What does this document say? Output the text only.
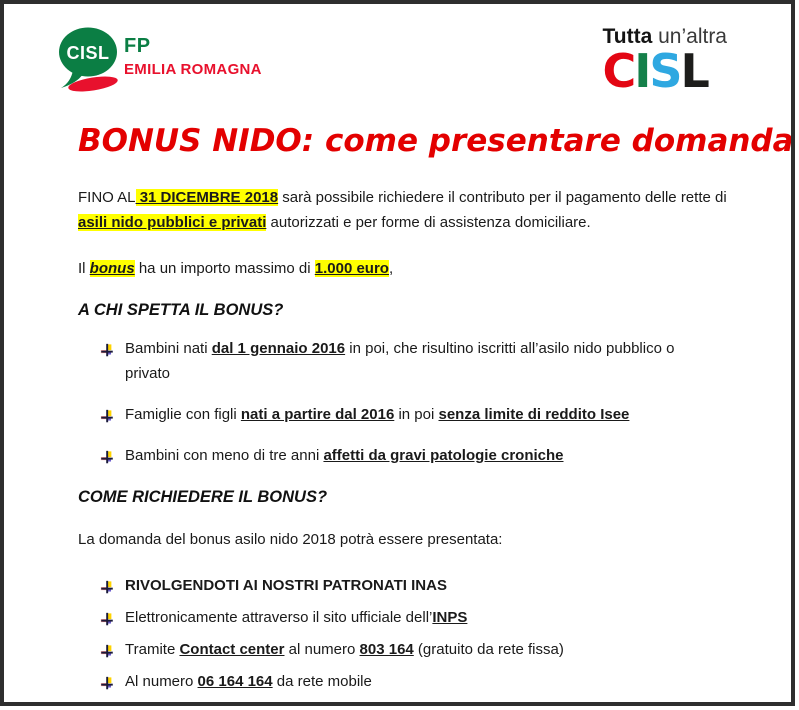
CISL FP
EMILIA ROMAGNA
Tutta un’altra
CISL
BONUS NIDO: come presentare domanda

FINO AL 31 DICEMBRE 2018 sarà possibile richiedere il contributo per il pagamento delle rette di
asili nido pubblici e privati autorizzati e per forme di assistenza domiciliare.

Il bonus ha un importo massimo di 1.000 euro,

A CHI SPETTA IL BONUS?
Bambini nati dal 1 gennaio 2016 in poi, che risultino iscritti all’asilo nido pubblico o
privato
Famiglie con figli nati a partire dal 2016 in poi senza limite di reddito Isee
Bambini con meno di tre anni affetti da gravi patologie croniche
COME RICHIEDERE IL BONUS?

La domanda del bonus asilo nido 2018 potrà essere presentata:

RIVOLGENDOTI AI NOSTRI PATRONATI INAS
Elettronicamente attraverso il sito ufficiale dell’INPS
Tramite Contact center al numero 803 164 (gratuito da rete fissa)
Al numero 06 164 164 da rete mobile
